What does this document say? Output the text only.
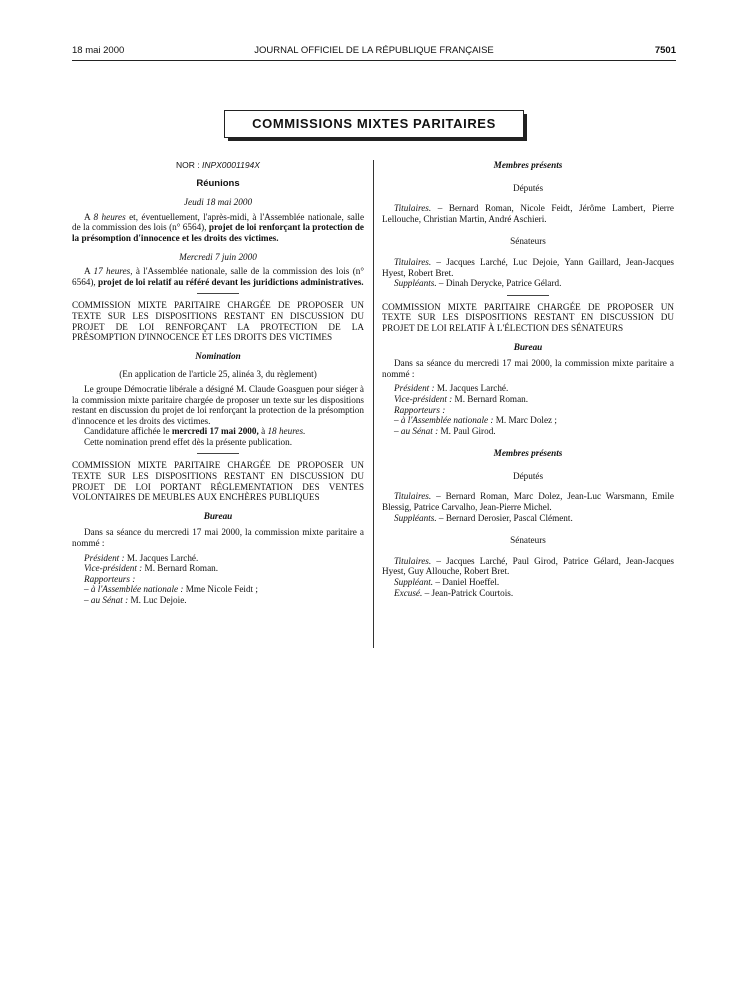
18 mai 2000	JOURNAL OFFICIEL DE LA RÉPUBLIQUE FRANÇAISE	7501
COMMISSIONS MIXTES PARITAIRES

NOR : INPX0001194X

Réunions

Jeudi 18 mai 2000

A 8 heures et, éventuellement, l'après-midi, à l'Assemblée nationale, salle de la commission des lois (n° 6564), projet de loi renforçant la protection de la présomption d'innocence et les droits des victimes.

Mercredi 7 juin 2000

A 17 heures, à l'Assemblée nationale, salle de la commission des lois (n° 6564), projet de loi relatif au référé devant les juridictions administratives.

COMMISSION MIXTE PARITAIRE CHARGÉE DE PROPOSER UN TEXTE SUR LES DISPOSITIONS RESTANT EN DISCUSSION DU PROJET DE LOI RENFORÇANT LA PROTECTION DE LA PRÉSOMPTION D'INNOCENCE ET LES DROITS DES VICTIMES

Nomination

(En application de l'article 25, alinéa 3, du règlement)

Le groupe Démocratie libérale a désigné M. Claude Goasguen pour siéger à la commission mixte paritaire chargée de proposer un texte sur les dispositions restant en discussion du projet de loi renforçant la protection de la présomption d'innocence et les droits des victimes.

Candidature affichée le mercredi 17 mai 2000, à 18 heures.

Cette nomination prend effet dès la présente publication.

COMMISSION MIXTE PARITAIRE CHARGÉE DE PROPOSER UN TEXTE SUR LES DISPOSITIONS RESTANT EN DISCUSSION DU PROJET DE LOI PORTANT RÉGLEMENTATION DES VENTES VOLONTAIRES DE MEUBLES AUX ENCHÈRES PUBLIQUES

Bureau

Dans sa séance du mercredi 17 mai 2000, la commission mixte paritaire a nommé :

Président : M. Jacques Larché.

Vice-président : M. Bernard Roman.

Rapporteurs :

– à l'Assemblée nationale : Mme Nicole Feidt ;

– au Sénat : M. Luc Dejoie.

Membres présents

Députés

Titulaires. – Bernard Roman, Nicole Feidt, Jérôme Lambert, Pierre Lellouche, Christian Martin, André Aschieri.

Sénateurs

Titulaires. – Jacques Larché, Luc Dejoie, Yann Gaillard, Jean-Jacques Hyest, Robert Bret.

Suppléants. – Dinah Derycke, Patrice Gélard.

COMMISSION MIXTE PARITAIRE CHARGÉE DE PROPOSER UN TEXTE SUR LES DISPOSITIONS RESTANT EN DISCUSSION DU PROJET DE LOI RELATIF À L'ÉLECTION DES SÉNATEURS

Bureau

Dans sa séance du mercredi 17 mai 2000, la commission mixte paritaire a nommé :

Président : M. Jacques Larché.

Vice-président : M. Bernard Roman.

Rapporteurs :

– à l'Assemblée nationale : M. Marc Dolez ;

– au Sénat : M. Paul Girod.

Membres présents

Députés

Titulaires. – Bernard Roman, Marc Dolez, Jean-Luc Warsmann, Emile Blessig, Patrice Carvalho, Jean-Pierre Michel.

Suppléants. – Bernard Derosier, Pascal Clément.

Sénateurs

Titulaires. – Jacques Larché, Paul Girod, Patrice Gélard, Jean-Jacques Hyest, Guy Allouche, Robert Bret.

Suppléant. – Daniel Hoeffel.

Excusé. – Jean-Patrick Courtois.
